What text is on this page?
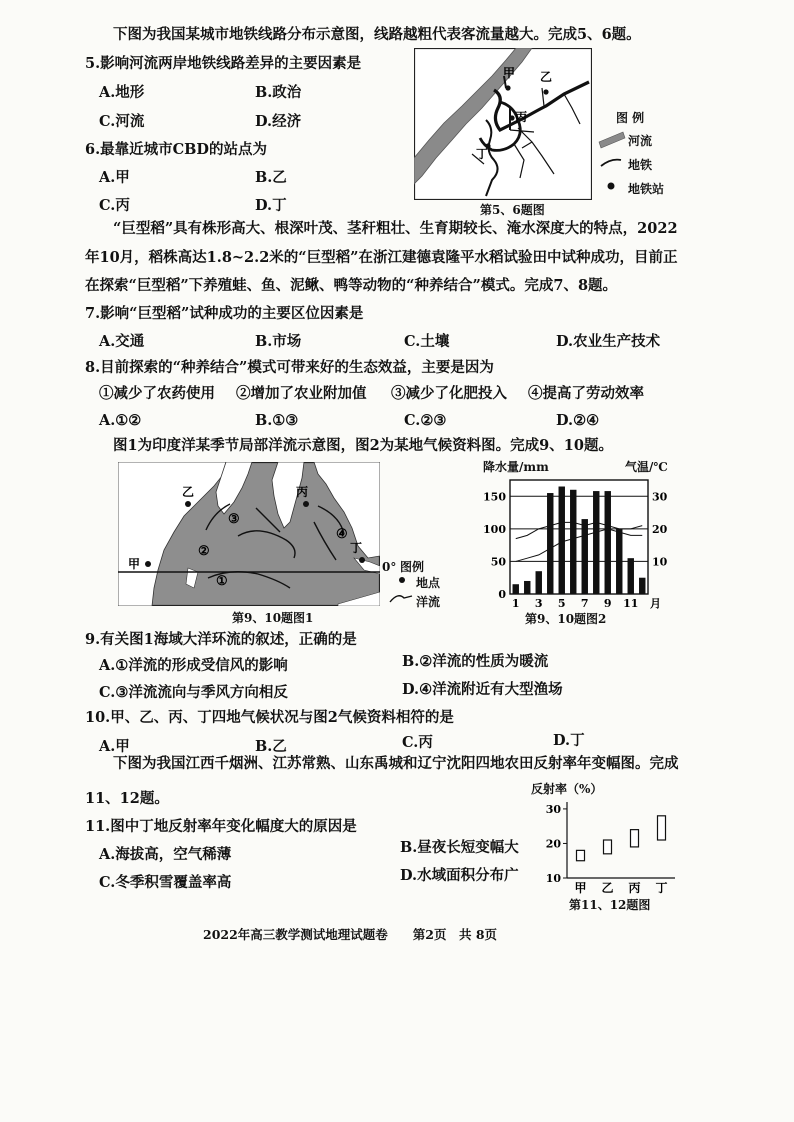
下图为我国某城市地铁线路分布示意图，线路越粗代表客流量越大。完成5、6题。
5.影响河流两岸地铁线路差异的主要因素是
A.地形	B.政治
C.河流	D.经济
6.最靠近城市CBD的站点为
A.甲	B.乙
C.丙	D.丁
甲 乙
丙
丁
第5、6题图
图 例
河流
地铁
地铁站
“巨型稻”具有株形高大、根深叶茂、茎秆粗壮、生育期较长、淹水深度大的特点，2022
年10月，稻株高达1.8~2.2米的“巨型稻”在浙江建德袁隆平水稻试验田中试种成功，目前正
在探索“巨型稻”下养殖蛙、鱼、泥鳅、鸭等动物的“种养结合”模式。完成7、8题。
7.影响“巨型稻”试种成功的主要区位因素是
A.交通	B.市场	C.土壤	D.农业生产技术
8.目前探索的“种养结合”模式可带来好的生态效益，主要是因为
①减少了农药使用 ②增加了农业附加值 ③减少了化肥投入 ④提高了劳动效率
A.①②	B.①③	C.②③	D.②④
图1为印度洋某季节局部洋流示意图，图2为某地气候资料图。完成9、10题。
乙	丙
甲
丁
①
②
③
④
0° 图例
地点
洋流
第9、10题图1
降水量/mm	气温/℃
0
50
100
150
10
20
30
1 3 5 7 9 11 月
第9、10题图2
9.有关图1海域大洋环流的叙述，正确的是
A.①洋流的形成受信风的影响	B.②洋流的性质为暖流
C.③洋流流向与季风方向相反	D.④洋流附近有大型渔场
10.甲、乙、丙、丁四地气候状况与图2气候资料相符的是
A.甲	B.乙	C.丙	D.丁
下图为我国江西千烟洲、江苏常熟、山东禹城和辽宁沈阳四地农田反射率年变幅图。完成
11、12题。
11.图中丁地反射率年变化幅度大的原因是
A.海拔高，空气稀薄	B.昼夜长短变幅大
C.冬季积雪覆盖率高	D.水域面积分布广
反射率（%）
10
20
30
甲 乙 丙 丁
第11、12题图
2022年高三教学测试地理试题卷　　第2页　共 8页
